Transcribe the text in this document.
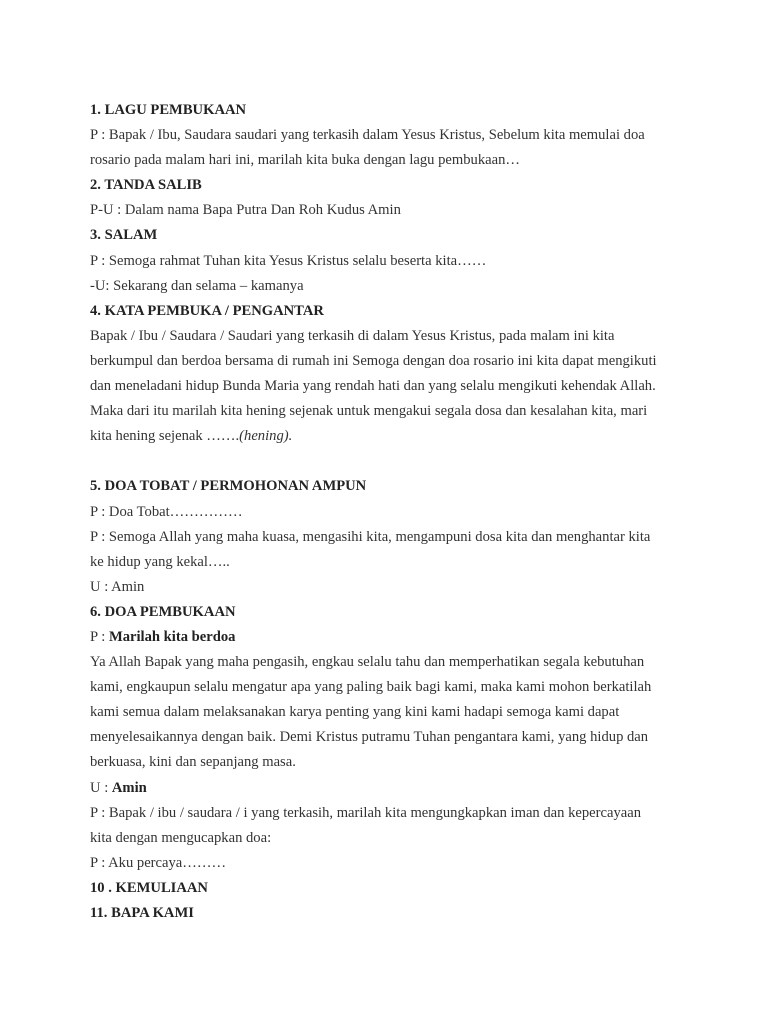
1. LAGU PEMBUKAAN
P : Bapak / Ibu, Saudara saudari yang terkasih dalam Yesus Kristus, Sebelum kita memulai doa
rosario pada malam hari ini, marilah kita buka dengan lagu pembukaan…
2. TANDA SALIB
P-U : Dalam nama Bapa Putra Dan Roh Kudus Amin
3. SALAM
P : Semoga rahmat Tuhan kita Yesus Kristus selalu beserta kita……
-U: Sekarang dan selama – kamanya
4. KATA PEMBUKA / PENGANTAR
Bapak / Ibu / Saudara / Saudari yang terkasih di dalam Yesus Kristus, pada malam ini kita
berkumpul dan berdoa bersama di rumah ini Semoga dengan doa rosario ini kita dapat mengikuti
dan meneladani hidup Bunda Maria yang rendah hati dan yang selalu mengikuti kehendak Allah.
Maka dari itu marilah kita hening sejenak untuk mengakui segala dosa dan kesalahan kita, mari
kita hening sejenak …….(hening).
5. DOA TOBAT / PERMOHONAN AMPUN
P : Doa Tobat……………
P : Semoga Allah yang maha kuasa, mengasihi kita, mengampuni dosa kita dan menghantar kita
ke hidup yang kekal…..
U : Amin
6. DOA PEMBUKAAN
P : Marilah kita berdoa
Ya Allah Bapak yang maha pengasih, engkau selalu tahu dan memperhatikan segala kebutuhan
kami, engkaupun selalu mengatur apa yang paling baik bagi kami, maka kami mohon berkatilah
kami semua dalam melaksanakan karya penting yang kini kami hadapi semoga kami dapat
menyelesaikannya dengan baik. Demi Kristus putramu Tuhan pengantara kami, yang hidup dan
berkuasa, kini dan sepanjang masa.
U : Amin
P : Bapak / ibu / saudara / i yang terkasih, marilah kita mengungkapkan iman dan kepercayaan
kita dengan mengucapkan doa:
P : Aku percaya………
10 . KEMULIAAN
11. BAPA KAMI
